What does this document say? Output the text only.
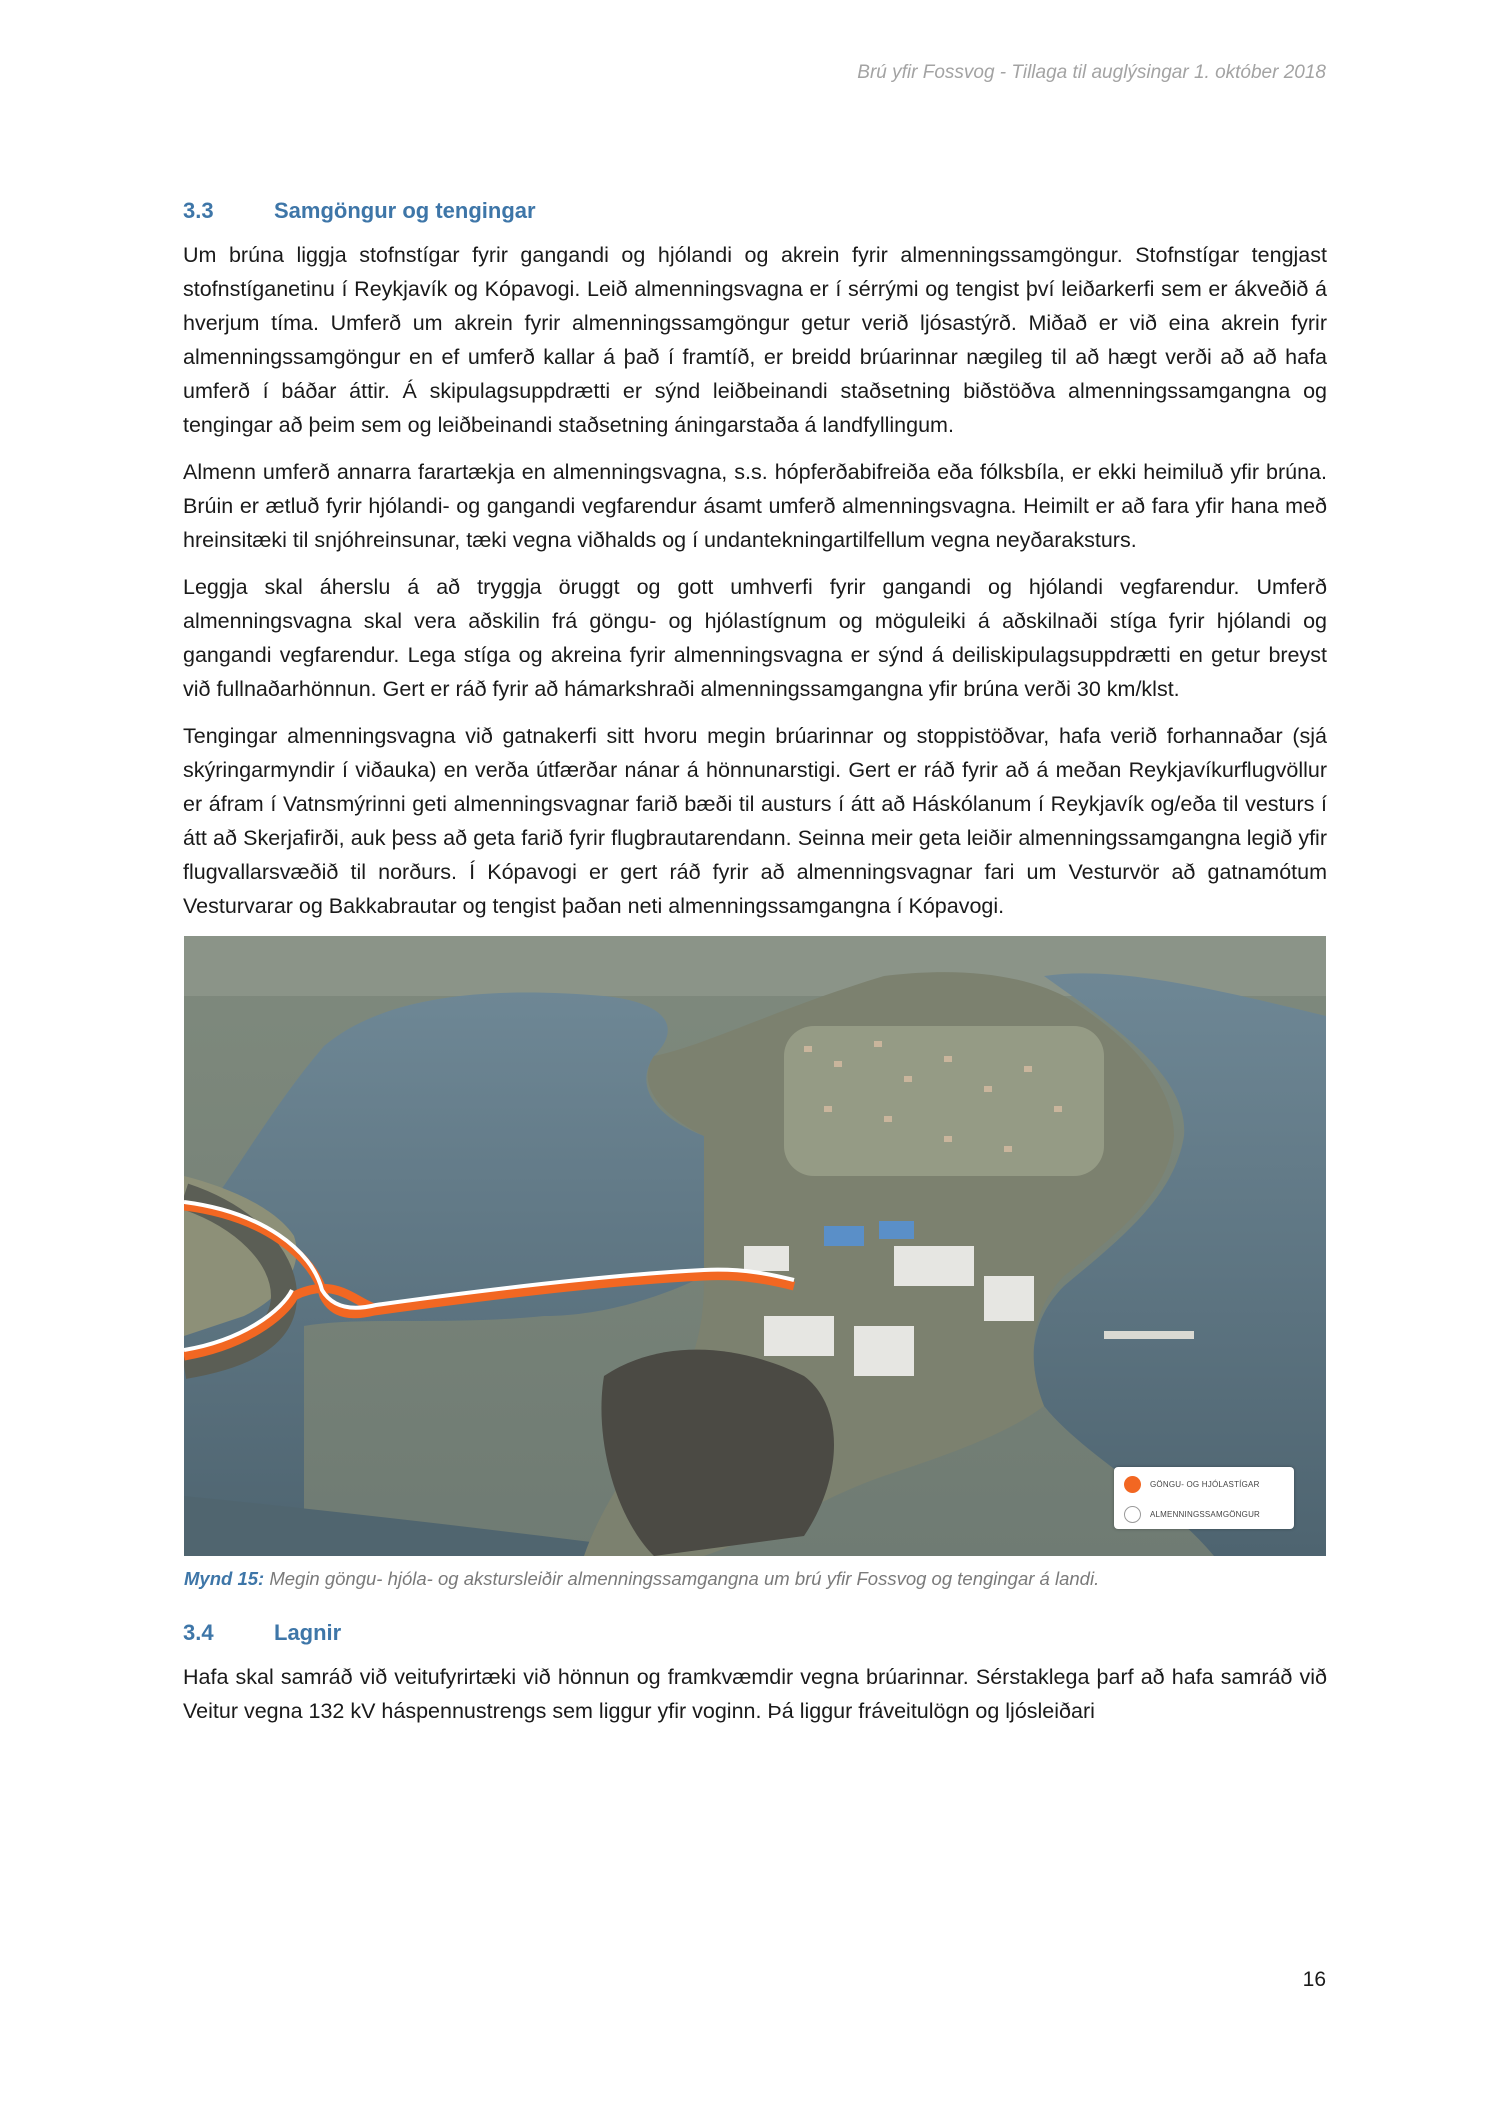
Brú yfir Fossvog - Tillaga til auglýsingar 1. október 2018
3.3	Samgöngur og tengingar

Um brúna liggja stofnstígar fyrir gangandi og hjólandi og akrein fyrir almenningssamgöngur. Stofnstígar tengjast stofnstíganetinu í Reykjavík og Kópavogi. Leið almenningsvagna er í sérrými og tengist því leiðarkerfi sem er ákveðið á hverjum tíma. Umferð um akrein fyrir almenningssamgöngur getur verið ljósastýrð. Miðað er við eina akrein fyrir almenningssamgöngur en ef umferð kallar á það í framtíð, er breidd brúarinnar nægileg til að hægt verði að að hafa umferð í báðar áttir. Á skipulagsuppdrætti er sýnd leiðbeinandi staðsetning biðstöðva almenningssamgangna og tengingar að þeim sem og leiðbeinandi staðsetning áningarstaða á landfyllingum.

Almenn umferð annarra farartækja en almenningsvagna, s.s. hópferðabifreiða eða fólksbíla, er ekki heimiluð yfir brúna. Brúin er ætluð fyrir hjólandi- og gangandi vegfarendur ásamt umferð almenningsvagna. Heimilt er að fara yfir hana með hreinsitæki til snjóhreinsunar, tæki vegna viðhalds og í undantekningartilfellum vegna neyðaraksturs.

Leggja skal áherslu á að tryggja öruggt og gott umhverfi fyrir gangandi og hjólandi vegfarendur. Umferð almenningsvagna skal vera aðskilin frá göngu- og hjólastígnum og möguleiki á aðskilnaði stíga fyrir hjólandi og gangandi vegfarendur. Lega stíga og akreina fyrir almenningsvagna er sýnd á deiliskipulagsuppdrætti en getur breyst við fullnaðarhönnun. Gert er ráð fyrir að hámarkshraði almenningssamgangna yfir brúna verði 30 km/klst.

Tengingar almenningsvagna við gatnakerfi sitt hvoru megin brúarinnar og stoppistöðvar, hafa verið forhannaðar (sjá skýringarmyndir í viðauka) en verða útfærðar nánar á hönnunarstigi. Gert er ráð fyrir að á meðan Reykjavíkurflugvöllur er áfram í Vatnsmýrinni geti almenningsvagnar farið bæði til austurs í átt að Háskólanum í Reykjavík og/eða til vesturs í átt að Skerjafirði, auk þess að geta farið fyrir flugbrautarendann. Seinna meir geta leiðir almenningssamgangna legið yfir flugvallarsvæðið til norðurs. Í Kópavogi er gert ráð fyrir að almenningsvagnar fari um Vesturvör að gatnamótum Vesturvarar og Bakkabrautar og tengist þaðan neti almenningssamgangna í Kópavogi.

GÖNGU- OG HJÓLASTÍGAR
ALMENNINGSSAMGÖNGUR

Mynd 15: Megin göngu- hjóla- og akstursleiðir almenningssamgangna um brú yfir Fossvog og tengingar á landi.

3.4	Lagnir

Hafa skal samráð við veitufyrirtæki við hönnun og framkvæmdir vegna brúarinnar. Sérstaklega þarf að hafa samráð við Veitur vegna 132 kV háspennustrengs sem liggur yfir voginn. Þá liggur fráveitulögn og ljósleiðari

16
